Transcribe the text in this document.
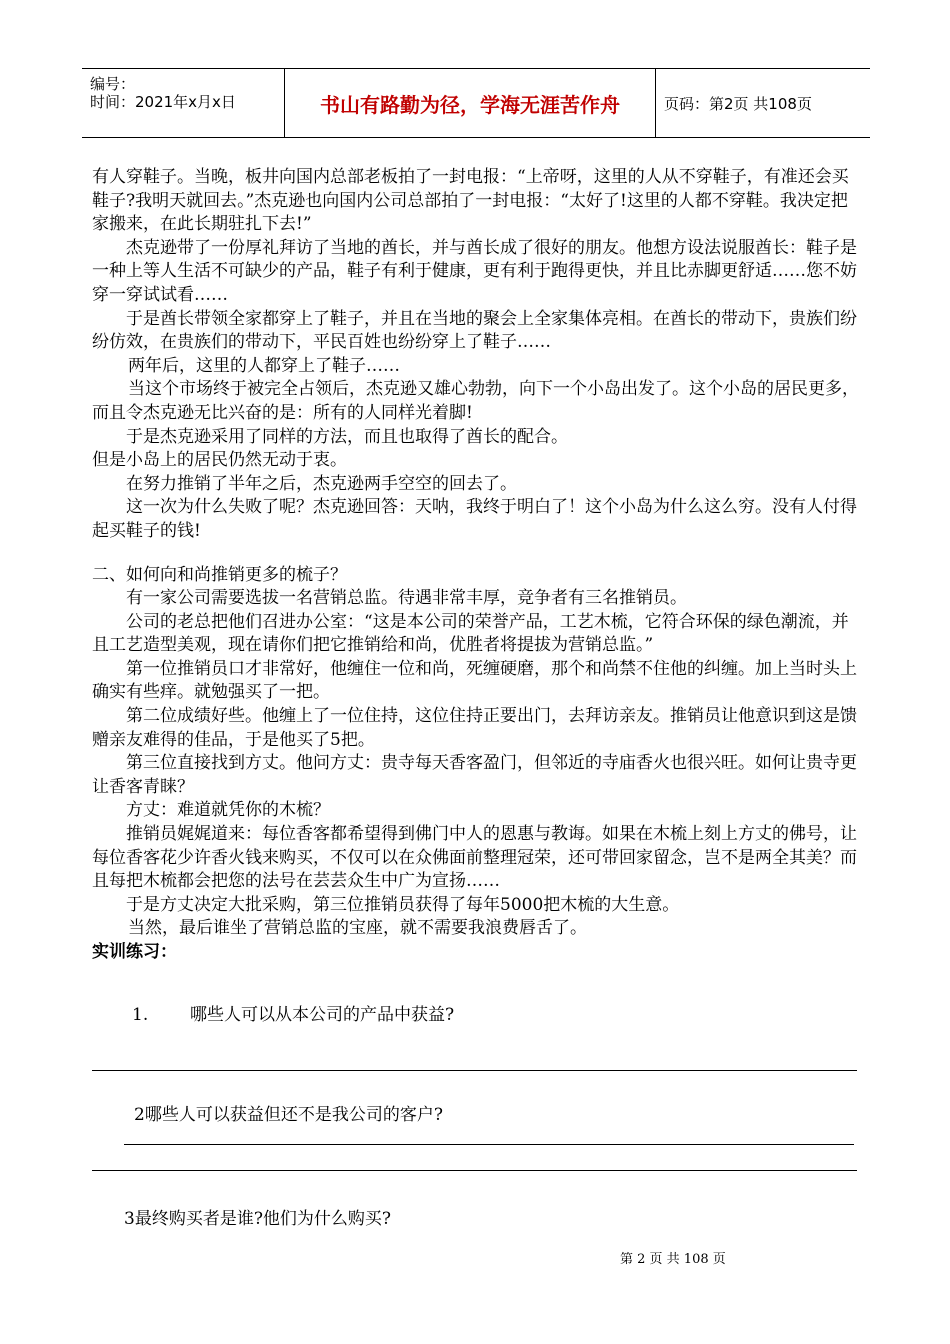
编号：
时间：2021年x月x日	书山有路勤为径，学海无涯苦作舟	页码：第2页 共108页

有人穿鞋子。当晚，板井向国内总部老板拍了一封电报：“上帝呀，这里的人从不穿鞋子，有准还会买鞋子?我明天就回去。”杰克逊也向国内公司总部拍了一封电报：“太好了!这里的人都不穿鞋。我决定把家搬来，在此长期驻扎下去!”

杰克逊带了一份厚礼拜访了当地的酋长，并与酋长成了很好的朋友。他想方设法说服酋长：鞋子是一种上等人生活不可缺少的产品，鞋子有利于健康，更有利于跑得更快，并且比赤脚更舒适……您不妨穿一穿试试看……

于是酋长带领全家都穿上了鞋子，并且在当地的聚会上全家集体亮相。在酋长的带动下，贵族们纷纷仿效，在贵族们的带动下，平民百姓也纷纷穿上了鞋子……

两年后，这里的人都穿上了鞋子……

当这个市场终于被完全占领后，杰克逊又雄心勃勃，向下一个小岛出发了。这个小岛的居民更多，而且令杰克逊无比兴奋的是：所有的人同样光着脚!

于是杰克逊采用了同样的方法，而且也取得了酋长的配合。

但是小岛上的居民仍然无动于衷。

在努力推销了半年之后，杰克逊两手空空的回去了。

这一次为什么失败了呢？杰克逊回答：天呐，我终于明白了！这个小岛为什么这么穷。没有人付得起买鞋子的钱!

二、如何向和尚推销更多的梳子？

有一家公司需要选拔一名营销总监。待遇非常丰厚，竞争者有三名推销员。

公司的老总把他们召进办公室：“这是本公司的荣誉产品，工艺木梳，它符合环保的绿色潮流，并且工艺造型美观，现在请你们把它推销给和尚，优胜者将提拔为营销总监。”

第一位推销员口才非常好，他缠住一位和尚，死缠硬磨，那个和尚禁不住他的纠缠。加上当时头上确实有些痒。就勉强买了一把。

第二位成绩好些。他缠上了一位住持，这位住持正要出门，去拜访亲友。推销员让他意识到这是馈赠亲友难得的佳品，于是他买了5把。

第三位直接找到方丈。他问方丈：贵寺每天香客盈门，但邻近的寺庙香火也很兴旺。如何让贵寺更让香客青睐？

方丈：难道就凭你的木梳？

推销员娓娓道来：每位香客都希望得到佛门中人的恩惠与教诲。如果在木梳上刻上方丈的佛号，让每位香客花少许香火钱来购买，不仅可以在众佛面前整理冠荣，还可带回家留念，岂不是两全其美？而且每把木梳都会把您的法号在芸芸众生中广为宣扬……

于是方丈决定大批采购，第三位推销员获得了每年5000把木梳的大生意。

当然，最后谁坐了营销总监的宝座，就不需要我浪费唇舌了。

实训练习：

1. 哪些人可以从本公司的产品中获益?
2哪些人可以获益但还不是我公司的客户?
3最终购买者是谁?他们为什么购买?
第 2 页 共 108 页
